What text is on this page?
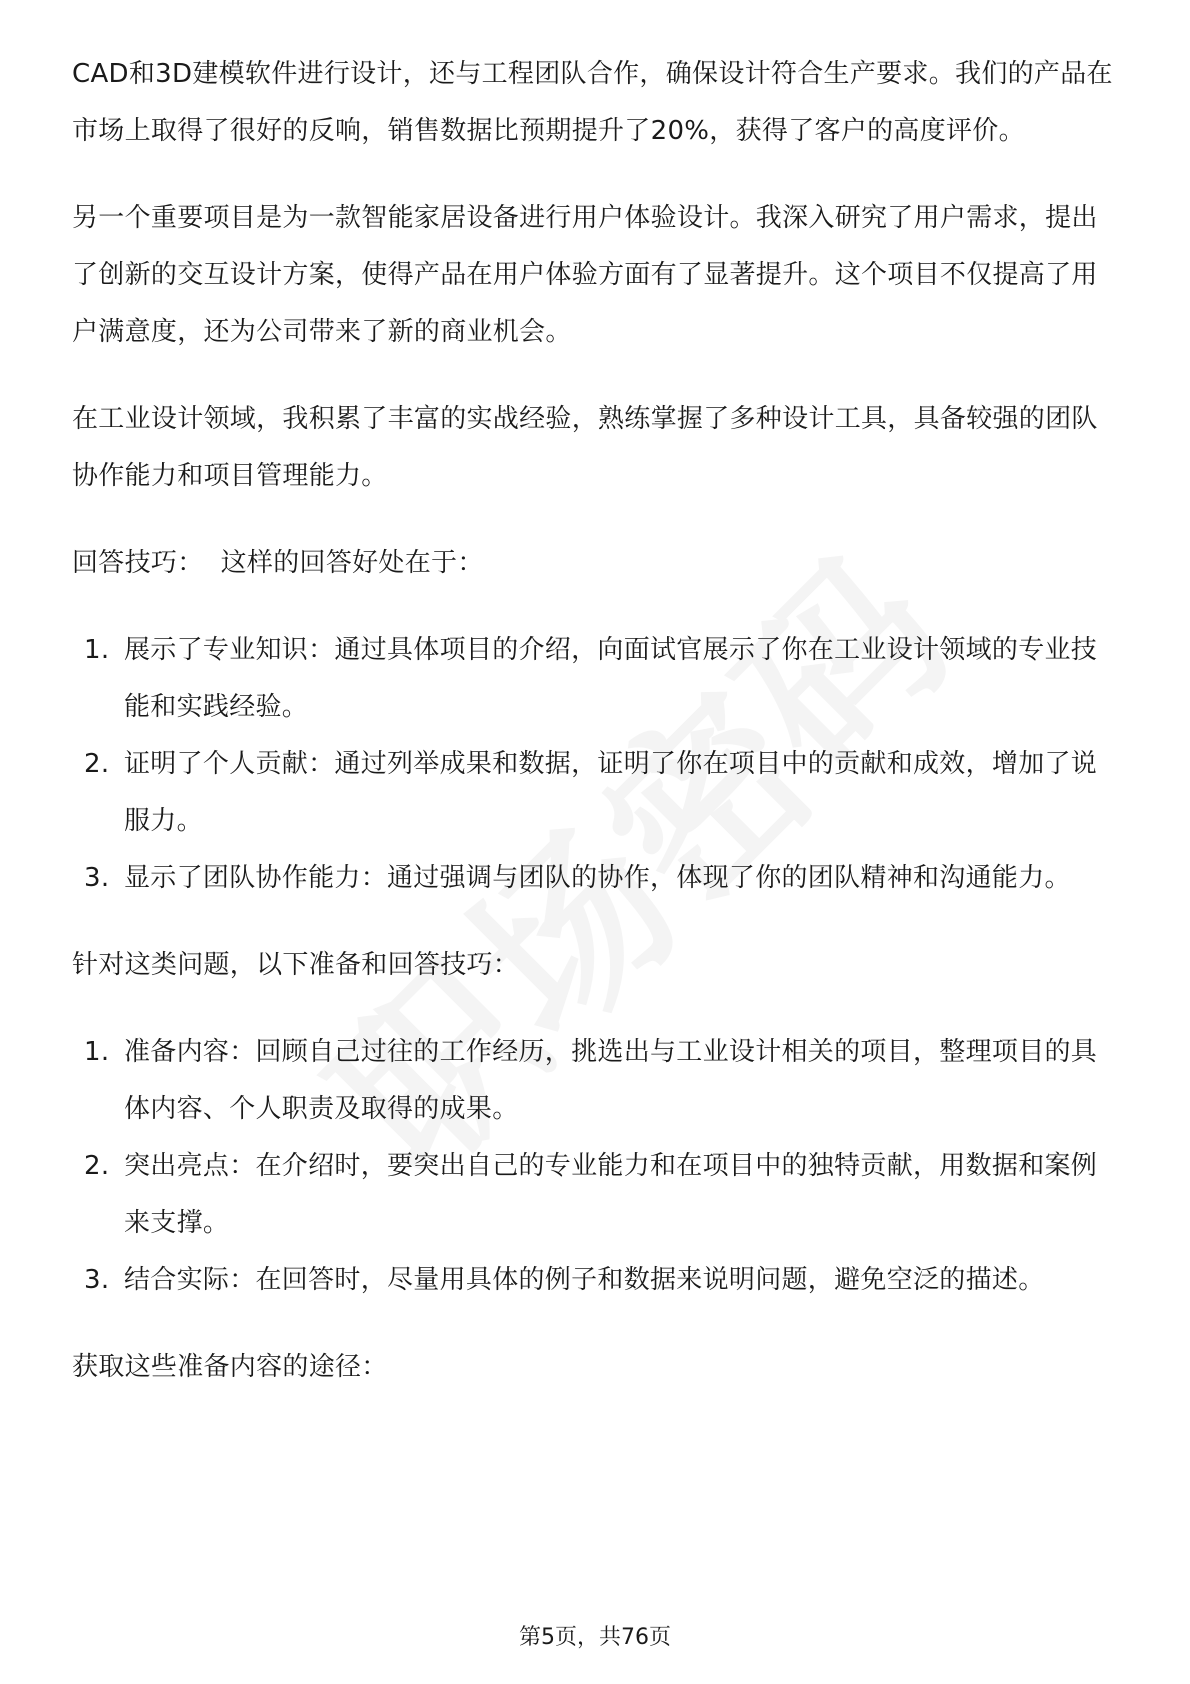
CAD和3D建模软件进行设计，还与工程团队合作，确保设计符合生产要求。我们的产品在市场上取得了很好的反响，销售数据比预期提升了20%，获得了客户的高度评价。

另一个重要项目是为一款智能家居设备进行用户体验设计。我深入研究了用户需求，提出了创新的交互设计方案，使得产品在用户体验方面有了显著提升。这个项目不仅提高了用户满意度，还为公司带来了新的商业机会。

在工业设计领域，我积累了丰富的实战经验，熟练掌握了多种设计工具，具备较强的团队协作能力和项目管理能力。

回答技巧：  这样的回答好处在于：

1. 展示了专业知识：通过具体项目的介绍，向面试官展示了你在工业设计领域的专业技能和实践经验。
2. 证明了个人贡献：通过列举成果和数据，证明了你在项目中的贡献和成效，增加了说服力。
3. 显示了团队协作能力：通过强调与团队的协作，体现了你的团队精神和沟通能力。

针对这类问题，以下准备和回答技巧：

1. 准备内容：回顾自己过往的工作经历，挑选出与工业设计相关的项目，整理项目的具体内容、个人职责及取得的成果。
2. 突出亮点：在介绍时，要突出自己的专业能力和在项目中的独特贡献，用数据和案例来支撑。
3. 结合实际：在回答时，尽量用具体的例子和数据来说明问题，避免空泛的描述。

获取这些准备内容的途径：

第5页，共76页
